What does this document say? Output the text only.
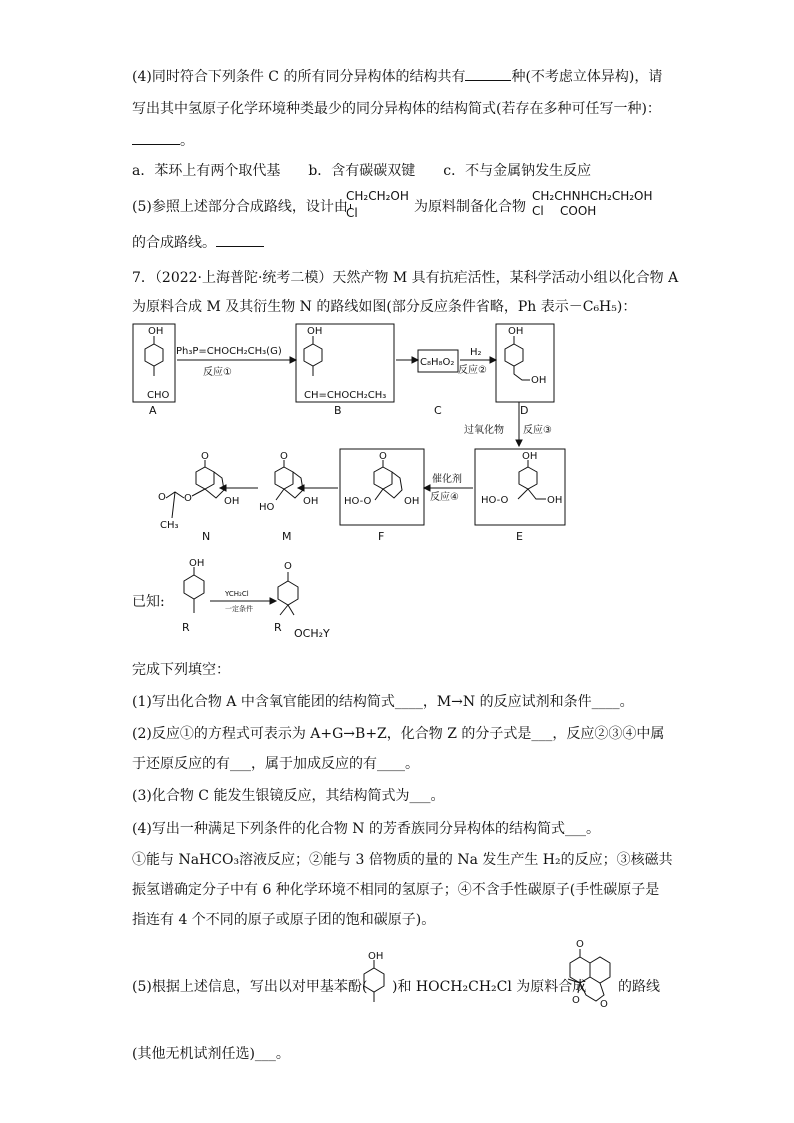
(4)同时符合下列条件 C 的所有同分异构体的结构共有	种(不考虑立体异构)，请
写出其中氢原子化学环境种类最少的同分异构体的结构简式(若存在多种可任写一种)：
。
a．苯环上有两个取代基　　b．含有碳碳双键　　c．不与金属钠发生反应
(5)参照上述部分合成路线，设计由
CH₂CH₂OH
Cl	为原料制备化合物
CH₂CHNHCH₂CH₂OH
Cl COOH
的合成路线。
7．（2022·上海普陀·统考二模）天然产物 M 具有抗疟活性，某科学活动小组以化合物 A
为原料合成 M 及其衍生物 N 的路线如图(部分反应条件省略，Ph 表示－C₆H₅)：
OH
CHO
A
Ph₃P=CHOCH₂CH₃(G)
反应①
OH
CH=CHOCH₂CH₃
B
C₈H₈O₂
C
H₂
反应②
OH
OH
D
过氧化物 反应③
OH
HO-O	OH
E
催化剂
反应④
O
HO-O	OH
F
O
HO
OH
M
O
O
O
CH₃
OH
N
已知:
OH
R
YCH₂Cl
一定条件
O
R OCH₂Y
完成下列填空：
(1)写出化合物 A 中含氧官能团的结构简式____，M→N 的反应试剂和条件____。
(2)反应①的方程式可表示为 A+G→B+Z，化合物 Z 的分子式是___，反应②③④中属
于还原反应的有___，属于加成反应的有____。
(3)化合物 C 能发生银镜反应，其结构简式为___。
(4)写出一种满足下列条件的化合物 N 的芳香族同分异构体的结构简式___。
①能与 NaHCO₃溶液反应；②能与 3 倍物质的量的 Na 发生产生 H₂的反应；③核磁共
振氢谱确定分子中有 6 种化学环境不相同的氢原子；④不含手性碳原子(手性碳原子是
指连有 4 个不同的原子或原子团的饱和碳原子)。
(5)根据上述信息，写出以对甲基苯酚(
OH
)和 HOCH₂CH₂Cl 为原料合成
O
O O
的路线
(其他无机试剂任选)___。
